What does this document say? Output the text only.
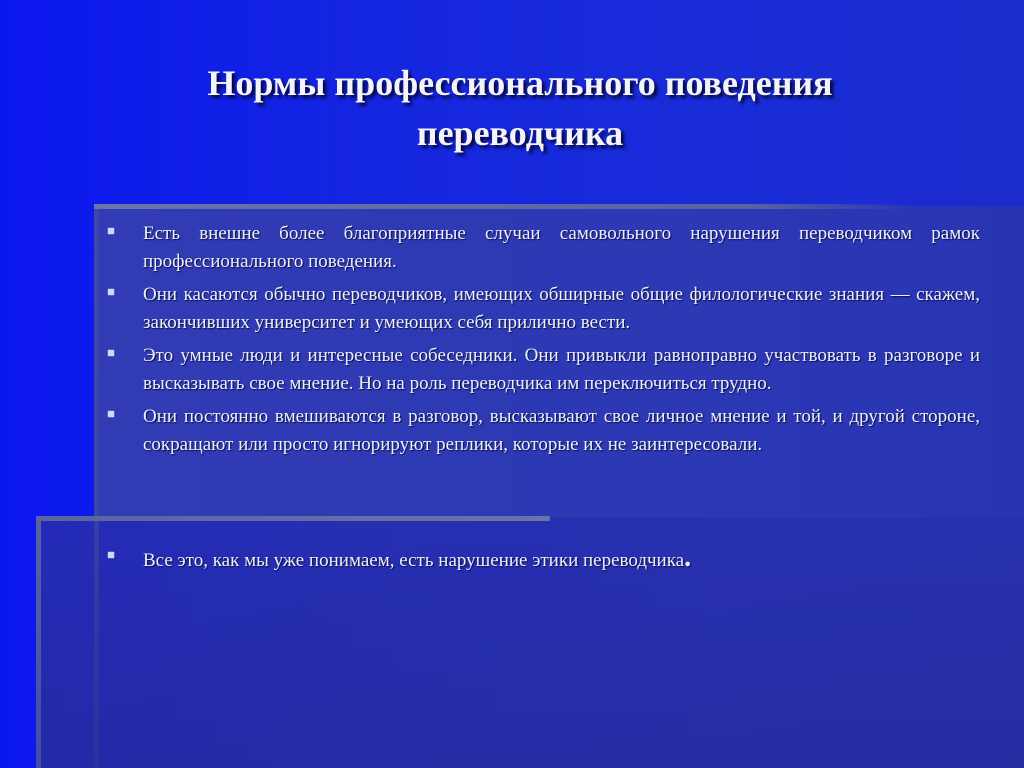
Нормы профессионального поведения
переводчика
Есть внешне более благоприятные случаи самовольного нарушения переводчиком рамок профессионального поведения.
Они касаются обычно переводчиков, имеющих обширные общие филологические знания — скажем, закончивших университет и умеющих себя прилично вести.
Это умные люди и интересные собеседники. Они привыкли равноправно участвовать в разговоре и высказывать свое мнение. Но на роль переводчика им переключиться трудно.
Они постоянно вмешиваются в разговор, высказывают свое личное мнение и той, и другой стороне, сокращают или просто игнорируют реплики, которые их не заинтересовали.
Все это, как мы уже понимаем, есть нарушение этики переводчика.
